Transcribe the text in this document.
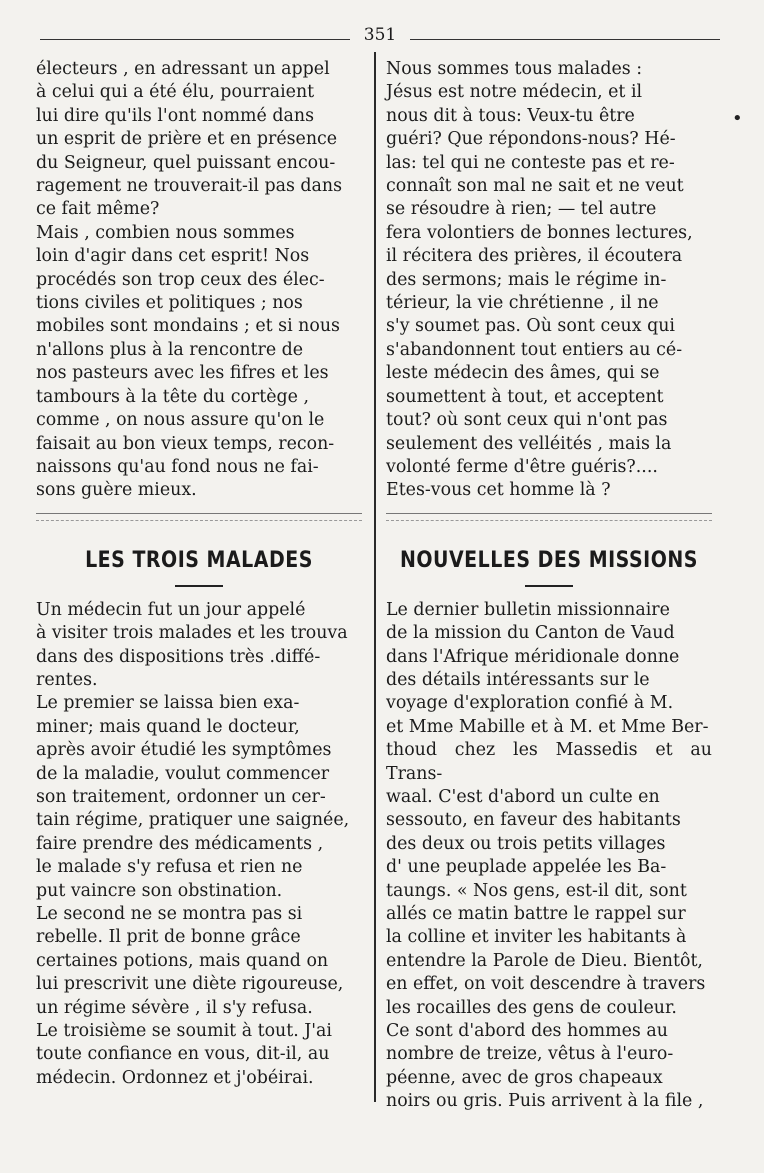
351

électeurs , en adressant un appel
à celui qui a été élu, pourraient
lui dire qu'ils l'ont nommé dans
un esprit de prière et en présence
du Seigneur, quel puissant encou-
ragement ne trouverait-il pas dans
ce fait même?

Mais , combien nous sommes
loin d'agir dans cet esprit! Nos
procédés son trop ceux des élec-
tions civiles et politiques ; nos
mobiles sont mondains ; et si nous
n'allons plus à la rencontre de
nos pasteurs avec les fifres et les
tambours à la tête du cortège ,
comme , on nous assure qu'on le
faisait au bon vieux temps, recon-
naissons qu'au fond nous ne fai-
sons guère mieux.

LES TROIS MALADES

Un médecin fut un jour appelé
à visiter trois malades et les trouva
dans des dispositions très .diffé-
rentes.

Le premier se laissa bien exa-
miner; mais quand le docteur,
après avoir étudié les symptômes
de la maladie, voulut commencer
son traitement, ordonner un cer-
tain régime, pratiquer une saignée,
faire prendre des médicaments ,
le malade s'y refusa et rien ne
put vaincre son obstination.

Le second ne se montra pas si
rebelle. Il prit de bonne grâce
certaines potions, mais quand on
lui prescrivit une diète rigoureuse,
un régime sévère , il s'y refusa.

Le troisième se soumit à tout. J'ai
toute confiance en vous, dit-il, au
médecin. Ordonnez et j'obéirai.

Nous sommes tous malades :
Jésus est notre médecin, et il
nous dit à tous: Veux-tu être
guéri? Que répondons-nous? Hé-
las: tel qui ne conteste pas et re-
connaît son mal ne sait et ne veut
se résoudre à rien; — tel autre
fera volontiers de bonnes lectures,
il récitera des prières, il écoutera
des sermons; mais le régime in-
térieur, la vie chrétienne , il ne
s'y soumet pas. Où sont ceux qui
s'abandonnent tout entiers au cé-
leste médecin des âmes, qui se
soumettent à tout, et acceptent
tout? où sont ceux qui n'ont pas
seulement des velléités , mais la
volonté ferme d'être guéris?....

Etes-vous cet homme là ?

NOUVELLES DES MISSIONS

Le dernier bulletin missionnaire
de la mission du Canton de Vaud
dans l'Afrique méridionale donne
des détails intéressants sur le
voyage d'exploration confié à M.
et Mme Mabille et à M. et Mme Ber-
thoud chez les Massedis et au Trans-
waal. C'est d'abord un culte en
sessouto, en faveur des habitants
des deux ou trois petits villages
d' une peuplade appelée les Ba-
taungs. « Nos gens, est-il dit, sont
allés ce matin battre le rappel sur
la colline et inviter les habitants à
entendre la Parole de Dieu. Bientôt,
en effet, on voit descendre à travers
les rocailles des gens de couleur.
Ce sont d'abord des hommes au
nombre de treize, vêtus à l'euro-
péenne, avec de gros chapeaux
noirs ou gris. Puis arrivent à la file ,

•
